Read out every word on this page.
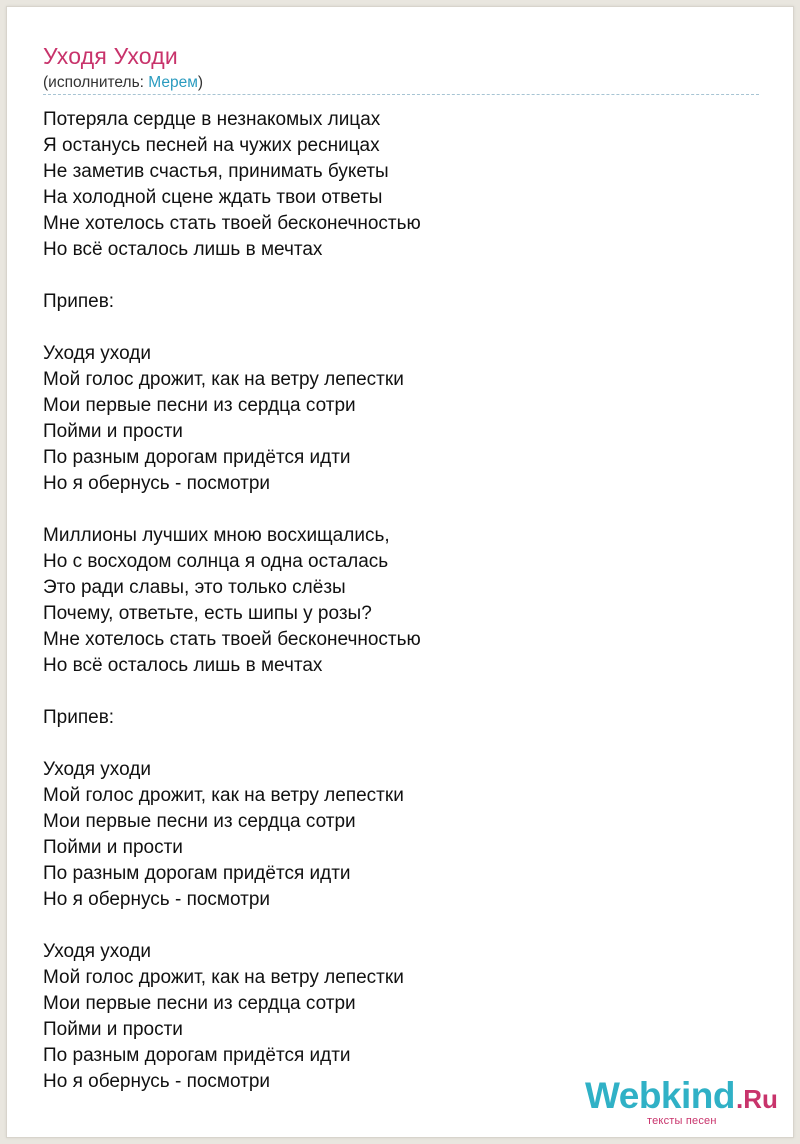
Уходя Уходи
(исполнитель: Мерем)
Потеряла сердце в незнакомых лицах
Я останусь песней на чужих ресницах
Не заметив счастья, принимать букеты
На холодной сцене ждать твои ответы
Мне хотелось стать твоей бесконечностью
Но всё осталось лишь в мечтах
Припев:
Уходя уходи
Мой голос дрожит, как на ветру лепестки
Мои первые песни из сердца сотри
Пойми и прости
По разным дорогам придётся идти
Но я обернусь - посмотри
Миллионы лучших мною восхищались,
Но с восходом солнца я одна осталась
Это ради славы, это только слёзы
Почему, ответьте, есть шипы у розы?
Мне хотелось стать твоей бесконечностью
Но всё осталось лишь в мечтах
Припев:
Уходя уходи
Мой голос дрожит, как на ветру лепестки
Мои первые песни из сердца сотри
Пойми и прости
По разным дорогам придётся идти
Но я обернусь - посмотри
Уходя уходи
Мой голос дрожит, как на ветру лепестки
Мои первые песни из сердца сотри
Пойми и прости
По разным дорогам придётся идти
Но я обернусь - посмотри	Webkind.Ru
тексты песен
